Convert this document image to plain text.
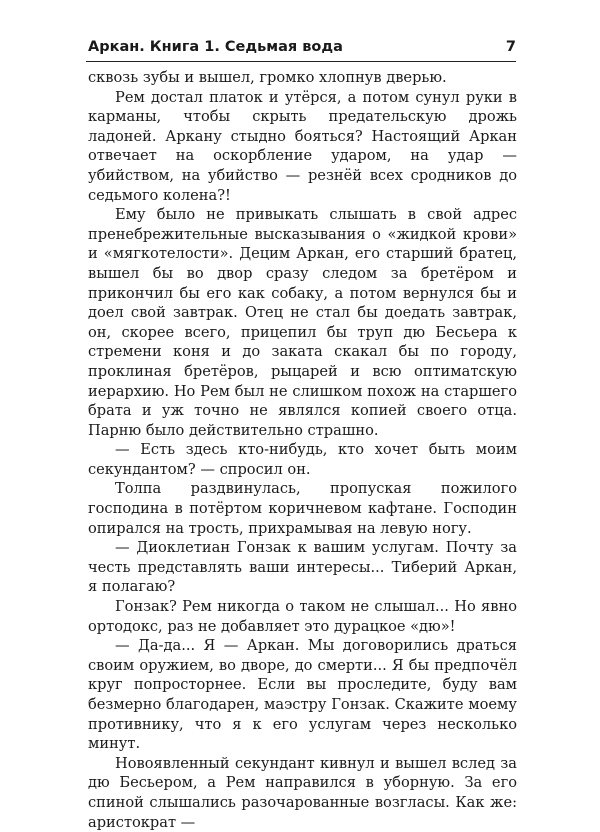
Аркан. Книга 1. Седьмая вода	7

сквозь зубы и вышел, громко хлопнув дверью.

Рем достал платок и утёрся, а потом сунул руки в карманы, чтобы скрыть предательскую дрожь ладоней. Аркану стыдно бояться? Настоящий Аркан отвечает на оскорбление ударом, на удар — убийством, на убийство — резнёй всех сродников до седьмого колена?!

Ему было не привыкать слышать в свой адрес пренебрежительные высказывания о «жидкой крови» и «мягкотелости». Децим Аркан, его старший братец, вышел бы во двор сразу следом за бретёром и прикончил бы его как собаку, а потом вернулся бы и доел свой завтрак. Отец не стал бы доедать завтрак, он, скорее всего, прицепил бы труп дю Бесьера к стремени коня и до заката скакал бы по городу, проклиная бретёров, рыцарей и всю оптиматскую иерархию. Но Рем был не слишком похож на старшего брата и уж точно не являлся копией своего отца. Парню было действительно страшно.

— Есть здесь кто-нибудь, кто хочет быть моим секундантом? — спросил он.

Толпа раздвинулась, пропуская пожилого господина в потёртом коричневом кафтане. Господин опирался на трость, прихрамывая на левую ногу.

— Диоклетиан Гонзак к вашим услугам. Почту за честь представлять ваши интересы... Тиберий Аркан, я полагаю?

Гонзак? Рем никогда о таком не слышал... Но явно ортодокс, раз не добавляет это дурацкое «дю»!

— Да-да... Я — Аркан. Мы договорились драться своим оружием, во дворе, до смерти... Я бы предпочёл круг попросторнее. Если вы проследите, буду вам безмерно благодарен, маэстру Гонзак. Скажите моему противнику, что я к его услугам через несколько минут.

Новоявленный секундант кивнул и вышел вслед за дю Бесьером, а Рем направился в уборную. За его спиной слышались разочарованные возгласы. Как же: аристократ —
